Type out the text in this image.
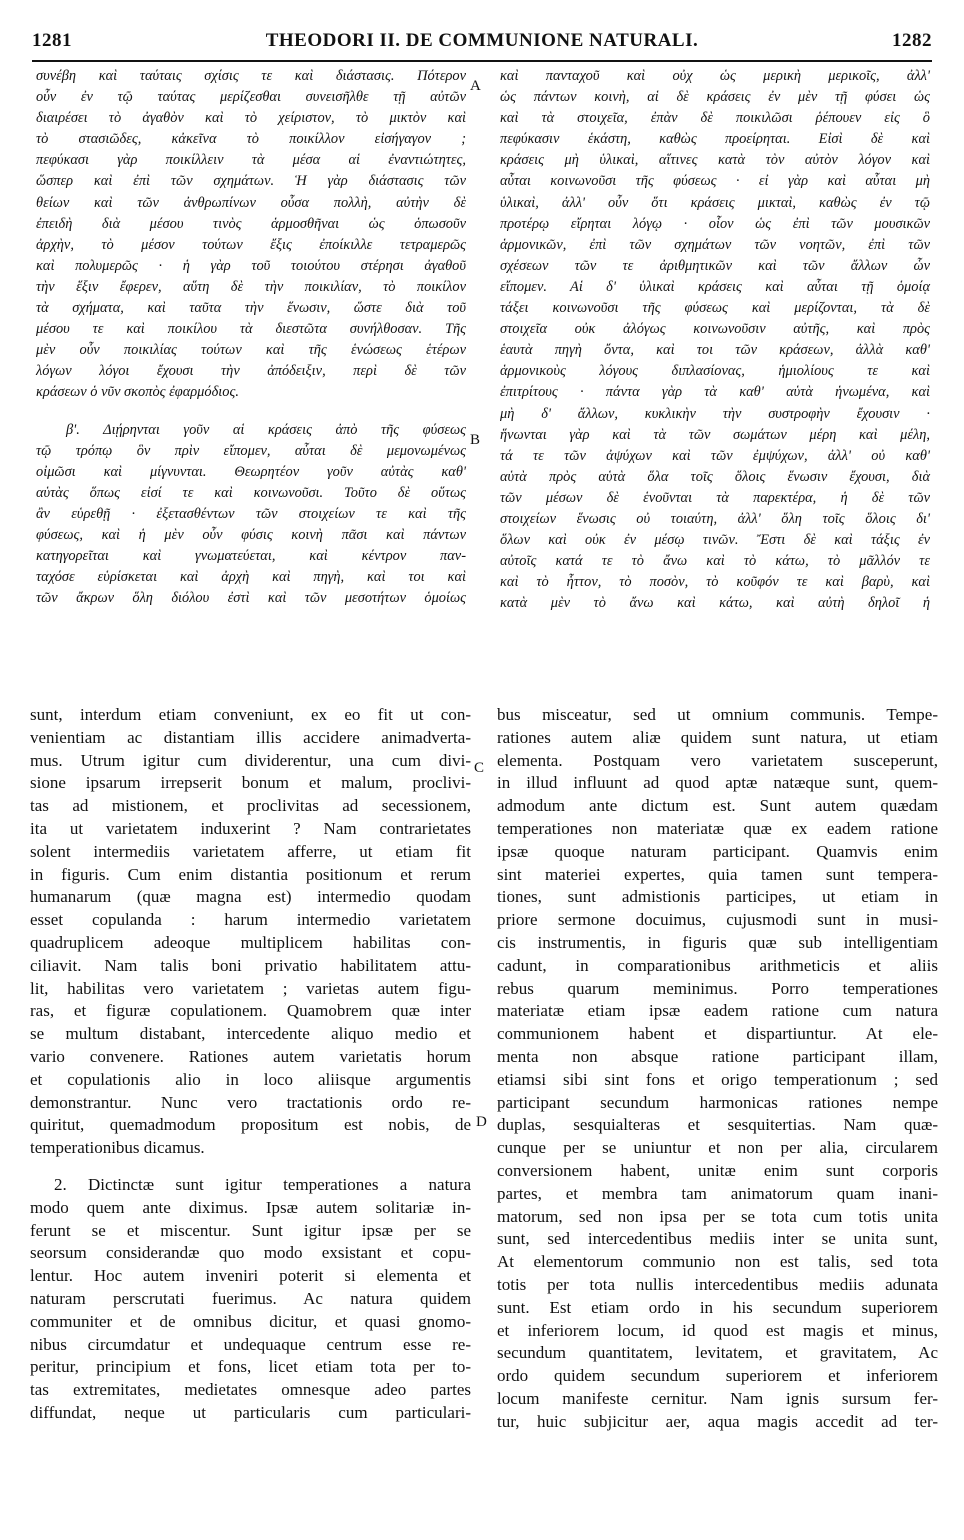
1281	THEODORI II. DE COMMUNIONE NATURALI.	1282
A
B
C
D

συνέβη καὶ ταύταις σχίσις τε καὶ διάστασις. Πότερον

οὖν ἐν τῷ ταύτας μερίζεσθαι συνεισῆλθε τῇ αὐτῶν

διαιρέσει τὸ ἀγαθὸν καὶ τὸ χείριστον, τὸ μικτὸν καὶ

τὸ στασιῶδες, κἀκεῖνα τὸ ποικίλλον εἰσήγαγον ;

πεφύκασι γὰρ ποικίλλειν τὰ μέσα αἱ ἐναντιώτητες,

ὥσπερ καὶ ἐπὶ τῶν σχημάτων. Ἡ γὰρ διάστασις τῶν

θείων καὶ τῶν ἀνθρωπίνων οὖσα πολλὴ, αὐτὴν δὲ

ἐπειδὴ διὰ μέσου τινὸς ἁρμοσθῆναι ὡς ὁπωσοῦν

ἀρχὴν, τὸ μέσον τούτων ἔξις ἐποίκιλλε τετραμερῶς

καὶ πολυμερῶς · ἡ γὰρ τοῦ τοιούτου στέρησι ἀγαθοῦ

τὴν ἕξιν ἔφερεν, αὕτη δὲ τὴν ποικιλίαν, τὸ ποικίλον

τὰ σχήματα, καὶ ταῦτα τὴν ἕνωσιν, ὥστε διὰ τοῦ

μέσου τε καὶ ποικίλου τὰ διεστῶτα συνήλθοσαν. Τῆς

μὲν οὖν ποικιλίας τούτων καὶ τῆς ἑνώσεως ἑτέρων

λόγων λόγοι ἔχουσι τὴν ἀπόδειξιν, περὶ δὲ τῶν

κράσεων ὁ νῦν σκοπὸς ἐφαρμόδιος.

β'. Διῄρηνται γοῦν αἱ κράσεις ἀπὸ τῆς φύσεως

τῷ τρόπῳ ὃν πρὶν εἴπομεν, αὗται δὲ μεμονωμένως

οἰμῶσι καὶ μίγνυνται. Θεωρητέον γοῦν αὐτὰς καθ'

αὑτὰς ὅπως εἰσί τε καὶ κοινωνοῦσι. Τοῦτο δὲ οὕτως

ἂν εὑρεθῇ · ἐξετασθέντων τῶν στοιχείων τε καὶ τῆς

φύσεως, καὶ ἡ μὲν οὖν φύσις κοινὴ πᾶσι καὶ πάντων

κατηγορεῖται καὶ γνωματεύεται, καὶ κέντρον παν-

ταχόσε εὑρίσκεται καὶ ἀρχὴ καὶ πηγὴ, καὶ τοι καὶ

τῶν ἄκρων ὅλη διόλου ἐστὶ καὶ τῶν μεσοτήτων ὁμοίως

καὶ πανταχοῦ καὶ οὐχ ὡς μερικὴ μερικοῖς, ἀλλ'

ὡς πάντων κοινὴ, αἱ δὲ κράσεις ἐν μὲν τῇ φύσει ὡς

καὶ τὰ στοιχεῖα, ἐπὰν δὲ ποικιλῶσι ῥέπουεν εἰς ὃ

πεφύκασιν ἑκάστη, καθὼς προείρηται. Εἰσὶ δὲ καὶ

κράσεις μὴ ὑλικαὶ, αἵτινες κατὰ τὸν αὐτὸν λόγον καὶ

αὗται κοινωνοῦσι τῆς φύσεως · εἰ γὰρ καὶ αὗται μὴ

ὑλικαὶ, ἀλλ' οὖν ὅτι κράσεις μικταὶ, καθὼς ἐν τῷ

προτέρῳ εἴρηται λόγῳ · οἷον ὡς ἐπὶ τῶν μουσικῶν

ἁρμονικῶν, ἐπὶ τῶν σχημάτων τῶν νοητῶν, ἐπὶ τῶν

σχέσεων τῶν τε ἀριθμητικῶν καὶ τῶν ἄλλων ὧν

εἴπομεν. Αἱ δ' ὑλικαὶ κράσεις καὶ αὗται τῇ ὁμοίᾳ

τάξει κοινωνοῦσι τῆς φύσεως καὶ μερίζονται, τὰ δὲ

στοιχεῖα οὐκ ἀλόγως κοινωνοῦσιν αὐτῆς, καὶ πρὸς

ἑαυτὰ πηγὴ ὄντα, καὶ τοι τῶν κράσεων, ἀλλὰ καθ'

ἁρμονικοὺς λόγους διπλασίονας, ἡμιολίους τε καὶ

ἐπιτρίτους · πάντα γὰρ τὰ καθ' αὑτὰ ἡνωμένα, καὶ

μὴ δ' ἄλλων, κυκλικὴν τὴν συστροφὴν ἔχουσιν ·

ἥνωνται γὰρ καὶ τὰ τῶν σωμάτων μέρη καὶ μέλη,

τά τε τῶν ἀψύχων καὶ τῶν ἐμψύχων, ἀλλ' οὐ καθ'

αὑτὰ πρὸς αὑτὰ ὅλα τοῖς ὅλοις ἕνωσιν ἔχουσι, διὰ

τῶν μέσων δὲ ἑνοῦνται τὰ παρεκτέρα, ἡ δὲ τῶν

στοιχείων ἕνωσις οὐ τοιαύτη, ἀλλ' ὅλη τοῖς ὅλοις δι'

ὅλων καὶ οὐκ ἐν μέσῳ τινῶν. Ἔστι δὲ καὶ τάξις ἐν

αὐτοῖς κατά τε τὸ ἄνω καὶ τὸ κάτω, τὸ μᾶλλόν τε

καὶ τὸ ἧττον, τὸ ποσὸν, τὸ κοῦφόν τε καὶ βαρὺ, καὶ

κατὰ μὲν τὸ ἄνω καὶ κάτω, καὶ αὐτὴ δηλοῖ ἡ

sunt, interdum etiam conveniunt, ex eo fit ut con-

venientiam ac distantiam illis accidere animadverta-

mus. Utrum igitur cum dividerentur, una cum divi-

sione ipsarum irrepserit bonum et malum, proclivi-

tas ad mistionem, et proclivitas ad secessionem,

ita ut varietatem induxerint ? Nam contrarietates

solent intermediis varietatem afferre, ut etiam fit

in figuris. Cum enim distantia positionum et rerum

humanarum (quæ magna est) intermedio quodam

esset copulanda : harum intermedio varietatem

quadruplicem adeoque multiplicem habilitas con-

ciliavit. Nam talis boni privatio habilitatem attu-

lit, habilitas vero varietatem ; varietas autem figu-

ras, et figuræ copulationem. Quamobrem quæ inter

se multum distabant, intercedente aliquo medio et

vario convenere. Rationes autem varietatis horum

et copulationis alio in loco aliisque argumentis

demonstrantur. Nunc vero tractationis ordo re-

quiritut, quemadmodum propositum est nobis, de

temperationibus dicamus.

2. Dictinctæ sunt igitur temperationes a natura

modo quem ante diximus. Ipsæ autem solitariæ in-

ferunt se et miscentur. Sunt igitur ipsæ per se

seorsum considerandæ quo modo exsistant et copu-

lentur. Hoc autem inveniri poterit si elementa et

naturam perscrutati fuerimus. Ac natura quidem

communiter et de omnibus dicitur, et quasi gnomo-

nibus circumdatur et undequaque centrum esse re-

peritur, principium et fons, licet etiam tota per to-

tas extremitates, medietates omnesque adeo partes

diffundat, neque ut particularis cum particulari-

bus misceatur, sed ut omnium communis. Tempe-

rationes autem aliæ quidem sunt natura, ut etiam

elementa. Postquam vero varietatem susceperunt,

in illud influunt ad quod aptæ natæque sunt, quem-

admodum ante dictum est. Sunt autem quædam

temperationes non materiatæ quæ ex eadem ratione

ipsæ quoque naturam participant. Quamvis enim

sint materiei expertes, quia tamen sunt tempera-

tiones, sunt admistionis participes, ut etiam in

priore sermone docuimus, cujusmodi sunt in musi-

cis instrumentis, in figuris quæ sub intelligentiam

cadunt, in comparationibus arithmeticis et aliis

rebus quarum meminimus. Porro temperationes

materiatæ etiam ipsæ eadem ratione cum natura

communionem habent et dispartiuntur. At ele-

menta non absque ratione participant illam,

etiamsi sibi sint fons et origo temperationum ; sed

participant secundum harmonicas rationes nempe

duplas, sesquialteras et sesquitertias. Nam quæ-

cunque per se uniuntur et non per alia, circularem

conversionem habent, unitæ enim sunt corporis

partes, et membra tam animatorum quam inani-

matorum, sed non ipsa per se tota cum totis unita

sunt, sed intercedentibus mediis inter se unita sunt,

At elementorum communio non est talis, sed tota

totis per tota nullis intercedentibus mediis adunata

sunt. Est etiam ordo in his secundum superiorem

et inferiorem locum, id quod est magis et minus,

secundum quantitatem, levitatem, et gravitatem, Ac

ordo quidem secundum superiorem et inferiorem

locum manifeste cernitur. Nam ignis sursum fer-

tur, huic subjicitur aer, aqua magis accedit ad ter-
